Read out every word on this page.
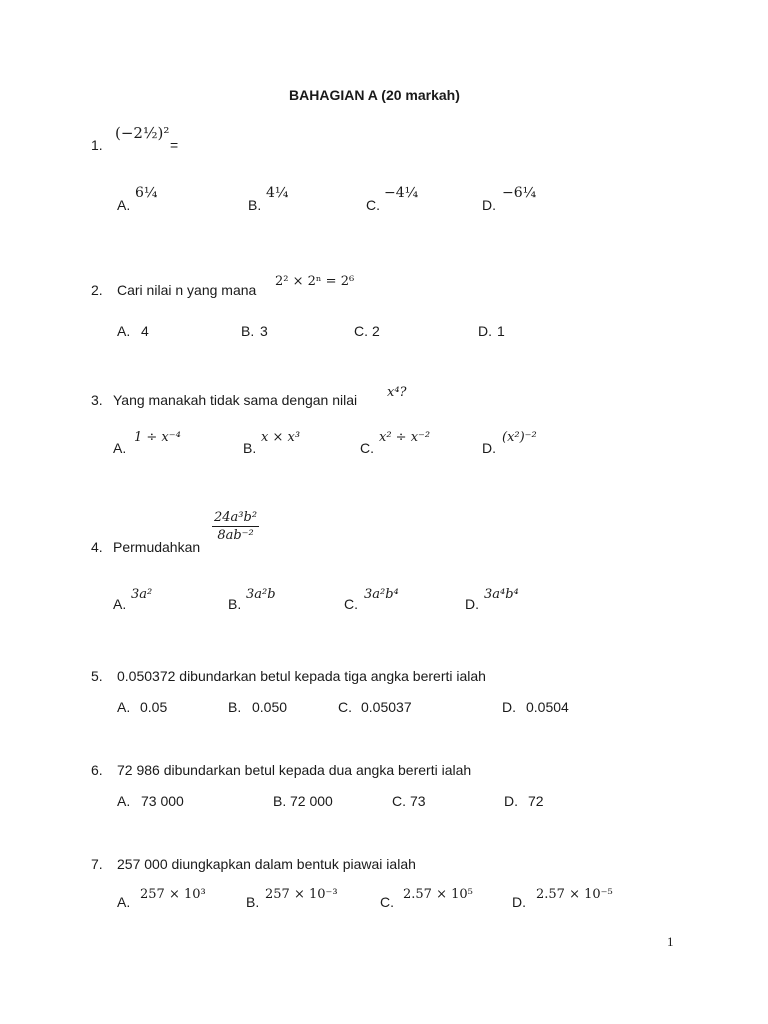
BAHAGIAN A (20 markah)
1.
(−2½)²
=
A.
6¼
B.
4¼
C.
−4¼
D.
−6¼
2. Cari nilai n yang mana
2² × 2ⁿ = 2⁶
A. 4	B. 3	C. 2	D. 1
3. Yang manakah tidak sama dengan nilai x⁴?
A.
1 ÷ x⁻⁴
B.
x × x³
C.
x² ÷ x⁻²
D.
(x²)⁻²
4. Permudahkan
24a³b²
8ab⁻²
A.
3a²
B.
3a²b
C.
3a²b⁴
D.
3a⁴b⁴
5. 0.050372 dibundarkan betul kepada tiga angka bererti ialah
A. 0.05	B. 0.050	C. 0.05037	D. 0.0504
6. 72 986 dibundarkan betul kepada dua angka bererti ialah
A. 73 000	B. 72 000	C. 73	D. 72
7. 257 000 diungkapkan dalam bentuk piawai ialah
A. 257 × 10³	B. 257 × 10⁻³	C. 2.57 × 10⁵	D. 2.57 × 10⁻⁵
1
